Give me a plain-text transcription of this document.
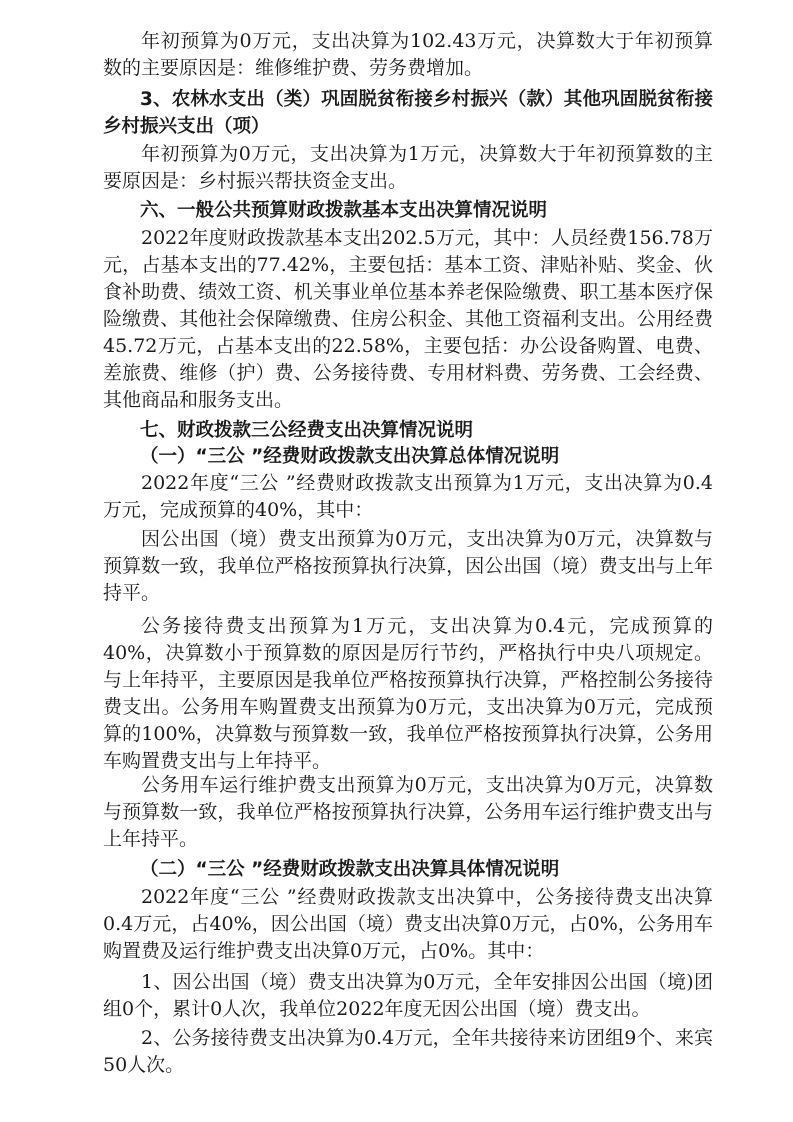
年初预算为0万元，支出决算为102.43万元，决算数大于年初预算数的主要原因是：维修维护费、劳务费增加。

3、农林水支出（类）巩固脱贫衔接乡村振兴（款）其他巩固脱贫衔接乡村振兴支出（项）

年初预算为0万元，支出决算为1万元，决算数大于年初预算数的主要原因是：乡村振兴帮扶资金支出。

六、一般公共预算财政拨款基本支出决算情况说明

2022年度财政拨款基本支出202.5万元，其中：人员经费156.78万元，占基本支出的77.42%，主要包括：基本工资、津贴补贴、奖金、伙食补助费、绩效工资、机关事业单位基本养老保险缴费、职工基本医疗保险缴费、其他社会保障缴费、住房公积金、其他工资福利支出。公用经费45.72万元，占基本支出的22.58%，主要包括：办公设备购置、电费、差旅费、维修（护）费、公务接待费、专用材料费、劳务费、工会经费、其他商品和服务支出。

七、财政拨款三公经费支出决算情况说明

（一）“三公 ”经费财政拨款支出决算总体情况说明

2022年度“三公 ”经费财政拨款支出预算为1万元，支出决算为0.4万元，完成预算的40%，其中：

因公出国（境）费支出预算为0万元，支出决算为0万元，决算数与预算数一致，我单位严格按预算执行决算，因公出国（境）费支出与上年持平。

公务接待费支出预算为1万元，支出决算为0.4元，完成预算的40%，决算数小于预算数的原因是厉行节约，严格执行中央八项规定。与上年持平，主要原因是我单位严格按预算执行决算，严格控制公务接待费支出。公务用车购置费支出预算为0万元，支出决算为0万元，完成预算的100%，决算数与预算数一致，我单位严格按预算执行决算，公务用 车购置费支出与上年持平。

公务用车运行维护费支出预算为0万元，支出决算为0万元，决算数与预算数一致，我单位严格按预算执行决算，公务用车运行维护费支出与上年持平。

（二）“三公 ”经费财政拨款支出决算具体情况说明

2022年度“三公 ”经费财政拨款支出决算中，公务接待费支出决算0.4万元，占40%，因公出国（境）费支出决算0万元，占0%，公务用车购置费及运行维护费支出决算0万元，占0%。其中：

1、因公出国（境）费支出决算为0万元，全年安排因公出国（境)团组0个，累计0人次，我单位2022年度无因公出国（境）费支出。

2、公务接待费支出决算为0.4万元，全年共接待来访团组9个、来宾50人次。
